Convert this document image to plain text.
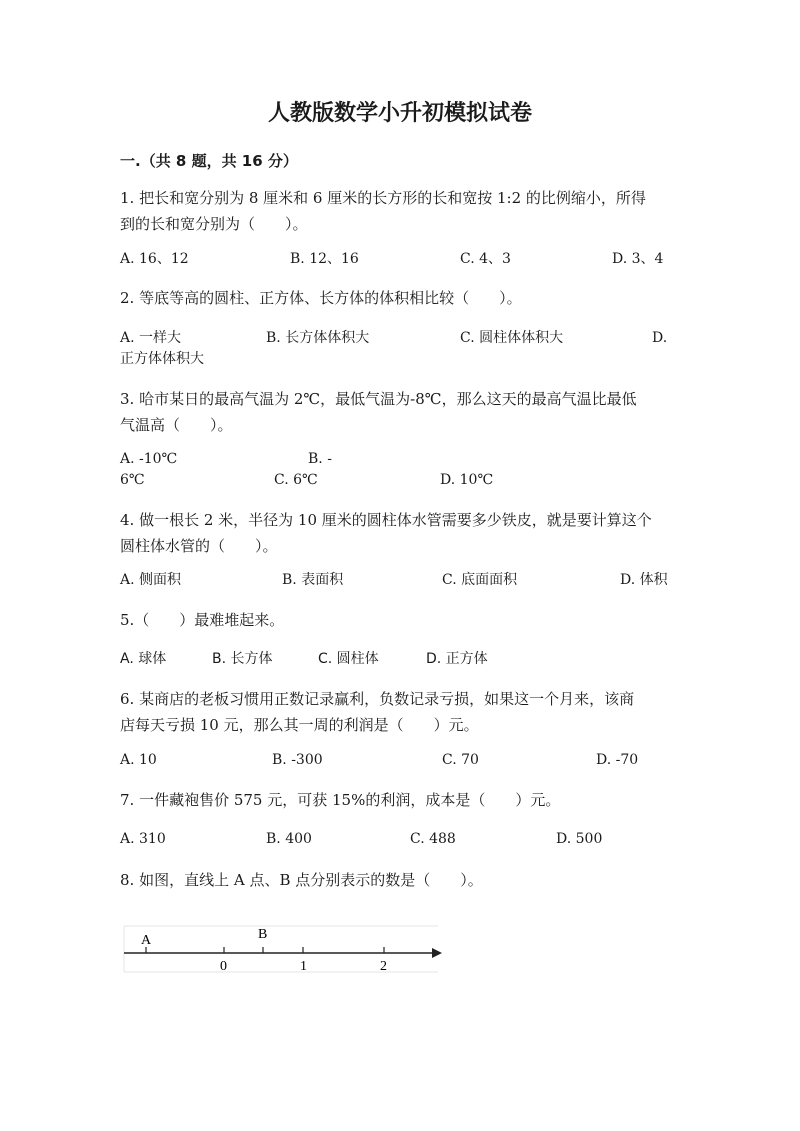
人教版数学小升初模拟试卷
一.（共 8 题，共 16 分）
1. 把长和宽分别为 8 厘米和 6 厘米的长方形的长和宽按 1:2 的比例缩小，所得
到的长和宽分别为（　　）。
A. 16、12	B. 12、16	C. 4、3	D. 3、4
2. 等底等高的圆柱、正方体、长方体的体积相比较（　　）。
A. 一样大	B. 长方体体积大	C. 圆柱体体积大	D.
正方体体积大
3. 哈市某日的最高气温为 2℃，最低气温为-8℃，那么这天的最高气温比最低
气温高（　　）。
A. -10℃	B. -
6℃	C. 6℃	D. 10℃
4. 做一根长 2 米，半径为 10 厘米的圆柱体水管需要多少铁皮，就是要计算这个
圆柱体水管的（　　）。
A. 侧面积	B. 表面积	C. 底面面积	D. 体积
5.（　　）最难堆起来。
A. 球体	B. 长方体	C. 圆柱体	D. 正方体
6. 某商店的老板习惯用正数记录赢利，负数记录亏损，如果这一个月来，该商
店每天亏损 10 元，那么其一周的利润是（　　）元。
A. 10	B. -300	C. 70	D. -70
7. 一件藏袍售价 575 元，可获 15%的利润，成本是（　　）元。
A. 310	B. 400	C. 488	D. 500
8. 如图，直线上 A 点、B 点分别表示的数是（　　）。
A	B
0	1	2
